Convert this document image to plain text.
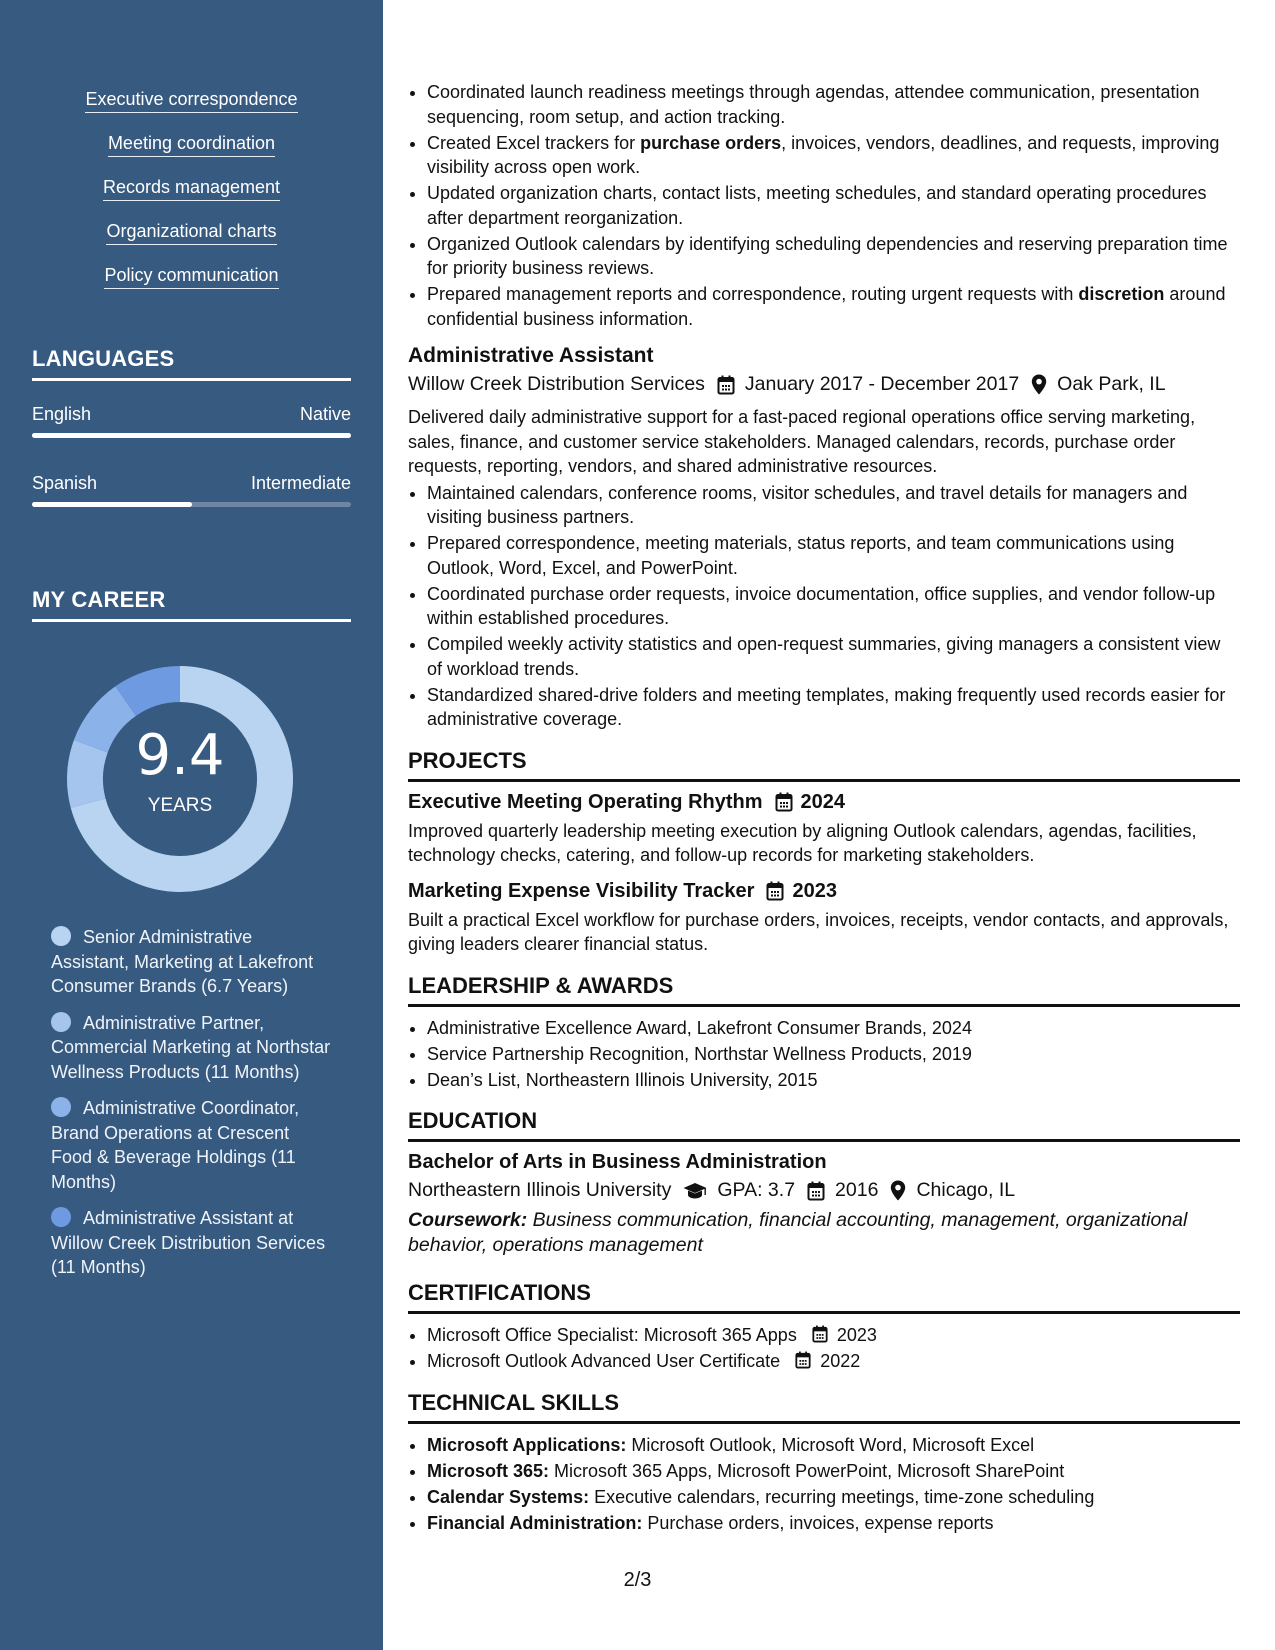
Executive correspondence
Meeting coordination
Records management
Organizational charts
Policy communication
LANGUAGES
English	Native
Spanish	Intermediate
MY CAREER
9.4
YEARS
Senior Administrative Assistant, Marketing at Lakefront Consumer Brands (6.7 Years)
Administrative Partner, Commercial Marketing at Northstar Wellness Products (11 Months)
Administrative Coordinator, Brand Operations at Crescent Food & Beverage Holdings (11 Months)
Administrative Assistant at Willow Creek Distribution Services (11 Months)
• Coordinated launch readiness meetings through agendas, attendee communication, presentation sequencing, room setup, and action tracking.
• Created Excel trackers for purchase orders, invoices, vendors, deadlines, and requests, improving visibility across open work.
• Updated organization charts, contact lists, meeting schedules, and standard operating procedures after department reorganization.
• Organized Outlook calendars by identifying scheduling dependencies and reserving preparation time for priority business reviews.
• Prepared management reports and correspondence, routing urgent requests with discretion around confidential business information.
Administrative Assistant
Willow Creek Distribution Services January 2017 - December 2017 Oak Park, IL

Delivered daily administrative support for a fast-paced regional operations office serving marketing, sales, finance, and customer service stakeholders. Managed calendars, records, purchase order requests, reporting, vendors, and shared administrative resources.

• Maintained calendars, conference rooms, visitor schedules, and travel details for managers and visiting business partners.
• Prepared correspondence, meeting materials, status reports, and team communications using Outlook, Word, Excel, and PowerPoint.
• Coordinated purchase order requests, invoice documentation, office supplies, and vendor follow-up within established procedures.
• Compiled weekly activity statistics and open-request summaries, giving managers a consistent view of workload trends.
• Standardized shared-drive folders and meeting templates, making frequently used records easier for administrative coverage.
PROJECTS
Executive Meeting Operating Rhythm 2024

Improved quarterly leadership meeting execution by aligning Outlook calendars, agendas, facilities, technology checks, catering, and follow-up records for marketing stakeholders.

Marketing Expense Visibility Tracker 2023

Built a practical Excel workflow for purchase orders, invoices, receipts, vendor contacts, and approvals, giving leaders clearer financial status.

LEADERSHIP & AWARDS
• Administrative Excellence Award, Lakefront Consumer Brands, 2024
• Service Partnership Recognition, Northstar Wellness Products, 2019
• Dean’s List, Northeastern Illinois University, 2015
EDUCATION
Bachelor of Arts in Business Administration
Northeastern Illinois University GPA: 3.7 2016 Chicago, IL

Coursework: Business communication, financial accounting, management, organizational behavior, operations management

CERTIFICATIONS
• Microsoft Office Specialist: Microsoft 365 Apps 2023
• Microsoft Outlook Advanced User Certificate 2022
TECHNICAL SKILLS
• Microsoft Applications: Microsoft Outlook, Microsoft Word, Microsoft Excel
• Microsoft 365: Microsoft 365 Apps, Microsoft PowerPoint, Microsoft SharePoint
• Calendar Systems: Executive calendars, recurring meetings, time-zone scheduling
• Financial Administration: Purchase orders, invoices, expense reports
2/3
